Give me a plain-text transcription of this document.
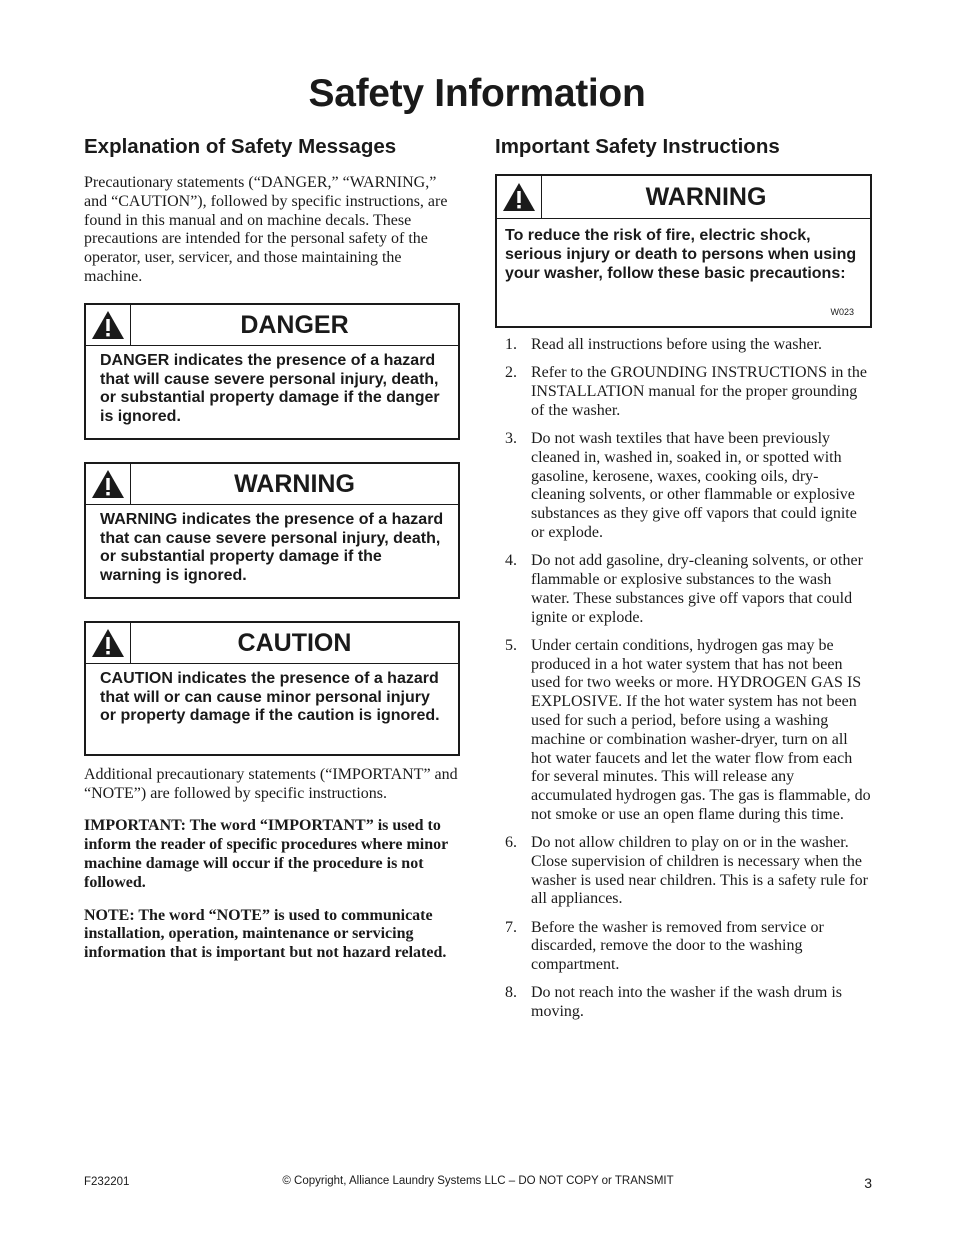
Safety Information
Explanation of Safety Messages

Precautionary statements (“DANGER,” “WARNING,” and “CAUTION”), followed by specific instructions, are found in this manual and on machine decals. These precautions are intended for the personal safety of the operator, user, servicer, and those maintaining the machine.

DANGER
DANGER indicates the presence of a hazard that will cause severe personal injury, death, or substantial property damage if the danger is ignored.
WARNING
WARNING indicates the presence of a hazard that can cause severe personal injury, death, or substantial property damage if the warning is ignored.
CAUTION
CAUTION indicates the presence of a hazard that will or can cause minor personal injury or property damage if the caution is ignored.

Additional precautionary statements (“IMPORTANT” and “NOTE”) are followed by specific instructions.

IMPORTANT: The word “IMPORTANT” is used to inform the reader of specific procedures where minor machine damage will occur if the procedure is not followed.

NOTE: The word “NOTE” is used to communicate installation, operation, maintenance or servicing information that is important but not hazard related.

Important Safety Instructions
WARNING
To reduce the risk of fire, electric shock, serious injury or death to persons when using your washer, follow these basic precautions:
W023
1. Read all instructions before using the washer.
2. Refer to the GROUNDING INSTRUCTIONS in the INSTALLATION manual for the proper grounding of the washer.
3. Do not wash textiles that have been previously cleaned in, washed in, soaked in, or spotted with gasoline, kerosene, waxes, cooking oils, dry-cleaning solvents, or other flammable or explosive substances as they give off vapors that could ignite or explode.
4. Do not add gasoline, dry-cleaning solvents, or other flammable or explosive substances to the wash water. These substances give off vapors that could ignite or explode.
5. Under certain conditions, hydrogen gas may be produced in a hot water system that has not been used for two weeks or more. HYDROGEN GAS IS EXPLOSIVE. If the hot water system has not been used for such a period, before using a washing machine or combination washer-dryer, turn on all hot water faucets and let the water flow from each for several minutes. This will release any accumulated hydrogen gas. The gas is flammable, do not smoke or use an open flame during this time.
6. Do not allow children to play on or in the washer. Close supervision of children is necessary when the washer is used near children. This is a safety rule for all appliances.
7. Before the washer is removed from service or discarded, remove the door to the washing compartment.
8. Do not reach into the washer if the wash drum is moving.
F232201	© Copyright, Alliance Laundry Systems LLC – DO NOT COPY or TRANSMIT	3
